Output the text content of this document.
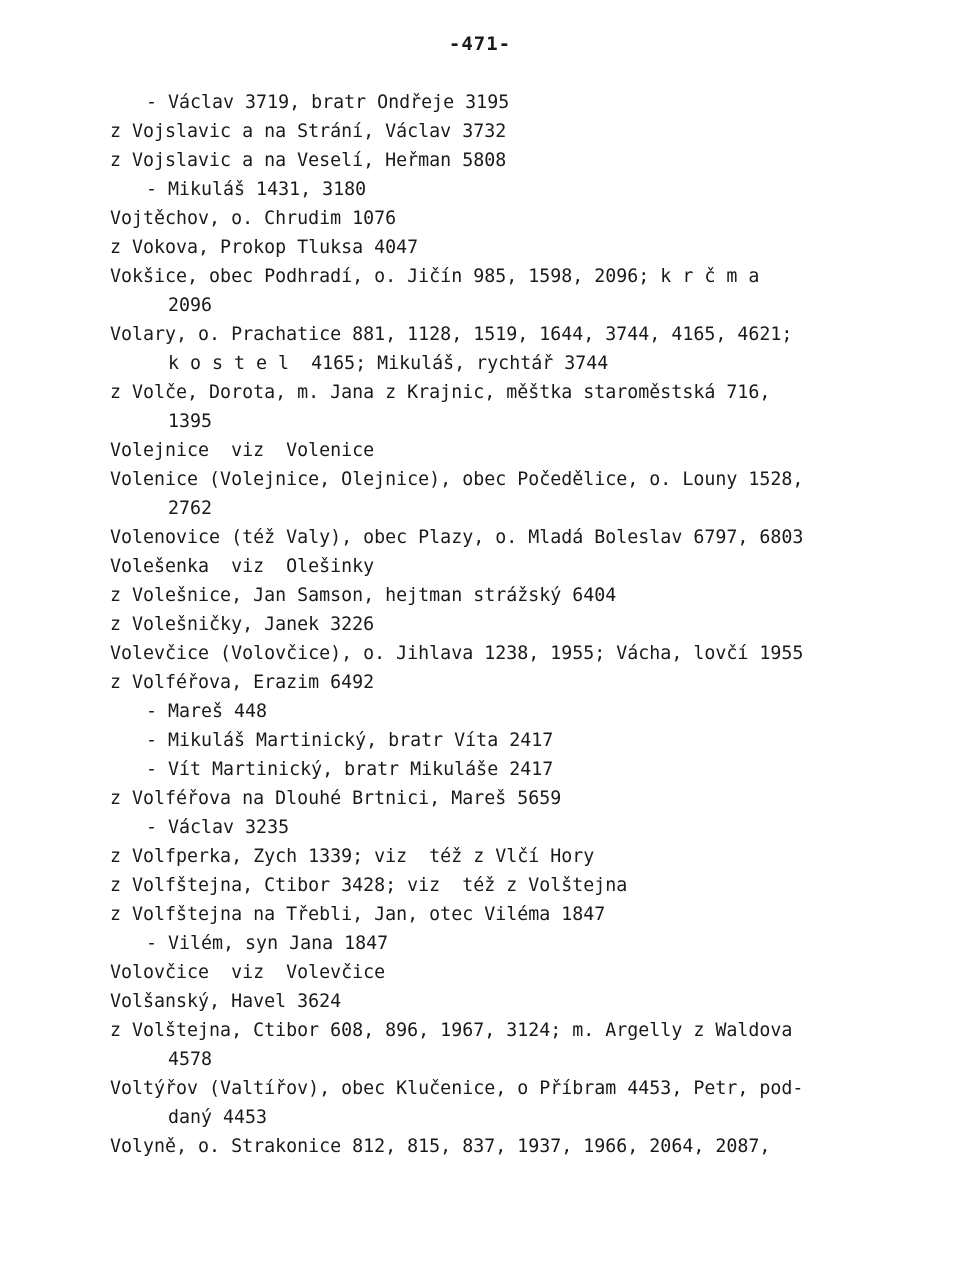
-471-
- Václav 3719, bratr Ondřeje 3195
z Vojslavic a na Strání, Václav 3732
z Vojslavic a na Veselí, Heřman 5808
- Mikuláš 1431, 3180
Vojtěchov, o. Chrudim 1076
z Vokova, Prokop Tluksa 4047
Vokšice, obec Podhradí, o. Jičín 985, 1598, 2096; k r č m a
2096
Volary, o. Prachatice 881, 1128, 1519, 1644, 3744, 4165, 4621;
k o s t e l  4165; Mikuláš, rychtář 3744
z Volče, Dorota, m. Jana z Krajnic, měštka staroměstská 716,
1395
Volejnice  viz  Volenice
Volenice (Volejnice, Olejnice), obec Počedělice, o. Louny 1528,
2762
Volenovice (též Valy), obec Plazy, o. Mladá Boleslav 6797, 6803
Volešenka  viz  Olešinky
z Volešnice, Jan Samson, hejtman strážský 6404
z Volešničky, Janek 3226
Volevčice (Volovčice), o. Jihlava 1238, 1955; Vácha, lovčí 1955
z Volféřova, Erazim 6492
- Mareš 448
- Mikuláš Martinický, bratr Víta 2417
- Vít Martinický, bratr Mikuláše 2417
z Volféřova na Dlouhé Brtnici, Mareš 5659
- Václav 3235
z Volfperka, Zych 1339; viz  též z Vlčí Hory
z Volfštejna, Ctibor 3428; viz  též z Volštejna
z Volfštejna na Třebli, Jan, otec Viléma 1847
- Vilém, syn Jana 1847
Volovčice  viz  Volevčice
Volšanský, Havel 3624
z Volštejna, Ctibor 608, 896, 1967, 3124; m. Argelly z Waldova
4578
Voltýřov (Valtířov), obec Klučenice, o Příbram 4453, Petr, pod-
daný 4453
Volyně, o. Strakonice 812, 815, 837, 1937, 1966, 2064, 2087,
